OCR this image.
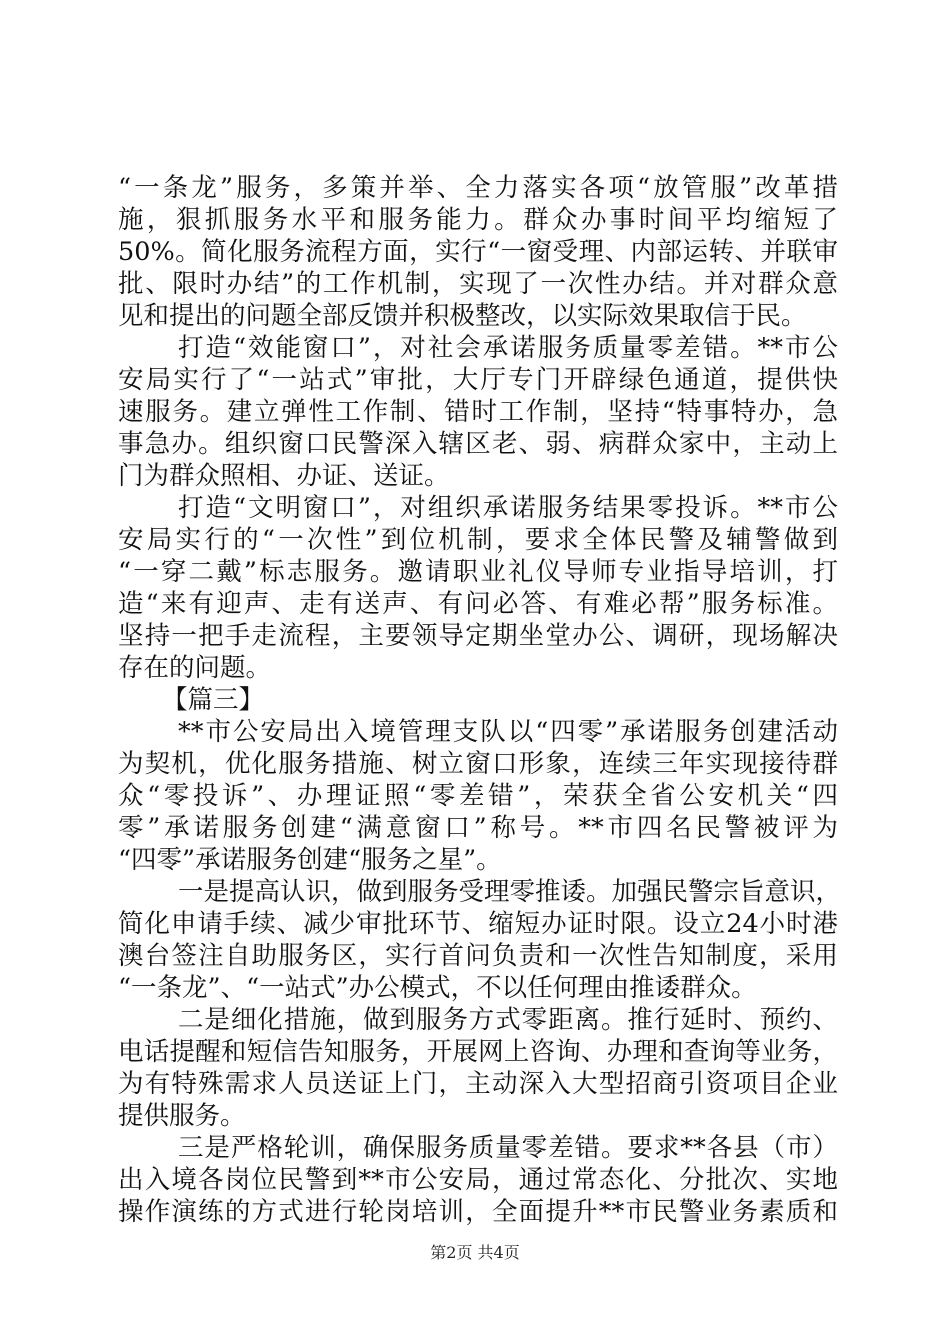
“一条龙”服务，多策并举、全力落实各项“放管服”改革措
施，狠抓服务水平和服务能力。群众办事时间平均缩短了
50%。简化服务流程方面，实行“一窗受理、内部运转、并联审
批、限时办结”的工作机制，实现了一次性办结。并对群众意
见和提出的问题全部反馈并积极整改，以实际效果取信于民。
打造“效能窗口”，对社会承诺服务质量零差错。**市公
安局实行了“一站式”审批，大厅专门开辟绿色通道，提供快
速服务。建立弹性工作制、错时工作制，坚持“特事特办，急
事急办。组织窗口民警深入辖区老、弱、病群众家中，主动上
门为群众照相、办证、送证。
打造“文明窗口”，对组织承诺服务结果零投诉。**市公
安局实行的“一次性”到位机制，要求全体民警及辅警做到
“一穿二戴”标志服务。邀请职业礼仪导师专业指导培训，打
造“来有迎声、走有送声、有问必答、有难必帮”服务标准。
坚持一把手走流程，主要领导定期坐堂办公、调研，现场解决
存在的问题。
【篇三】
**市公安局出入境管理支队以“四零”承诺服务创建活动
为契机，优化服务措施、树立窗口形象，连续三年实现接待群
众“零投诉”、办理证照“零差错”，荣获全省公安机关“四
零”承诺服务创建“满意窗口”称号。**市四名民警被评为
“四零”承诺服务创建“服务之星”。
一是提高认识，做到服务受理零推诿。加强民警宗旨意识，
简化申请手续、减少审批环节、缩短办证时限。设立24小时港
澳台签注自助服务区，实行首问负责和一次性告知制度，采用
“一条龙”、“一站式”办公模式，不以任何理由推诿群众。
二是细化措施，做到服务方式零距离。推行延时、预约、
电话提醒和短信告知服务，开展网上咨询、办理和查询等业务，
为有特殊需求人员送证上门，主动深入大型招商引资项目企业
提供服务。
三是严格轮训，确保服务质量零差错。要求**各县（市）
出入境各岗位民警到**市公安局，通过常态化、分批次、实地
操作演练的方式进行轮岗培训，全面提升**市民警业务素质和
第2页 共4页
